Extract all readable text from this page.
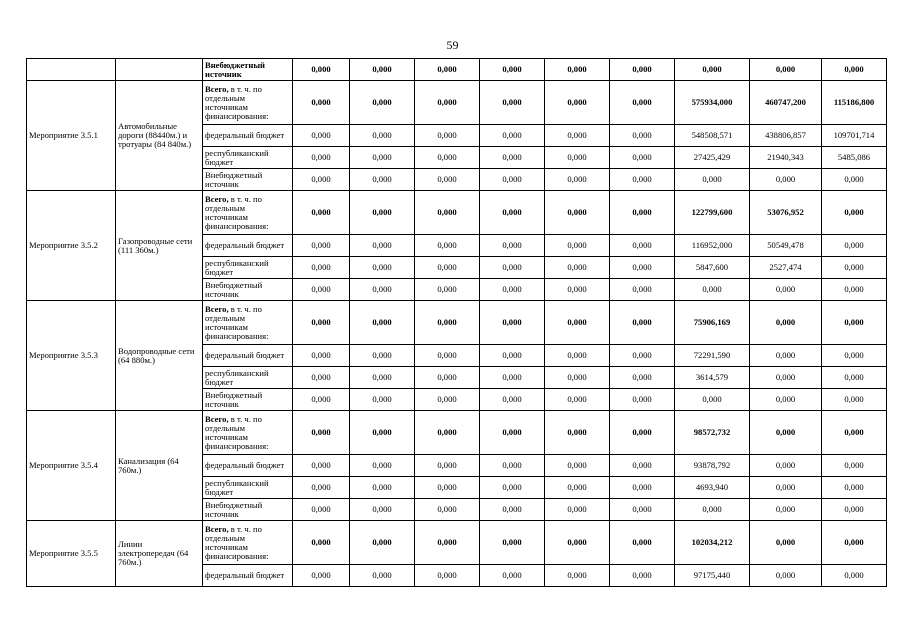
59
		Внебюджетный источник	0,000	0,000	0,000	0,000	0,000	0,000	0,000	0,000	0,000
Мероприятие 3.5.1	Автомобильные дороги (88440м.) и тротуары (84 840м.)	Всего, в т. ч. по отдельным источникам финансирования:	0,000	0,000	0,000	0,000	0,000	0,000	575934,000	460747,200	115186,800
		федеральный бюджет	0,000	0,000	0,000	0,000	0,000	0,000	548508,571	438806,857	109701,714
		республиканский бюджет	0,000	0,000	0,000	0,000	0,000	0,000	27425,429	21940,343	5485,086
		Внебюджетный источник	0,000	0,000	0,000	0,000	0,000	0,000	0,000	0,000	0,000
Мероприятие 3.5.2	Газопроводные сети (111 360м.)	Всего, в т. ч. по отдельным источникам финансирования:	0,000	0,000	0,000	0,000	0,000	0,000	122799,600	53076,952	0,000
		федеральный бюджет	0,000	0,000	0,000	0,000	0,000	0,000	116952,000	50549,478	0,000
		республиканский бюджет	0,000	0,000	0,000	0,000	0,000	0,000	5847,600	2527,474	0,000
		Внебюджетный источник	0,000	0,000	0,000	0,000	0,000	0,000	0,000	0,000	0,000
Мероприятие 3.5.3	Водопроводные сети (64 880м.)	Всего, в т. ч. по отдельным источникам финансирования:	0,000	0,000	0,000	0,000	0,000	0,000	75906,169	0,000	0,000
		федеральный бюджет	0,000	0,000	0,000	0,000	0,000	0,000	72291,590	0,000	0,000
		республиканский бюджет	0,000	0,000	0,000	0,000	0,000	0,000	3614,579	0,000	0,000
		Внебюджетный источник	0,000	0,000	0,000	0,000	0,000	0,000	0,000	0,000	0,000
Мероприятие 3.5.4	Канализация (64 760м.)	Всего, в т. ч. по отдельным источникам финансирования:	0,000	0,000	0,000	0,000	0,000	0,000	98572,732	0,000	0,000
		федеральный бюджет	0,000	0,000	0,000	0,000	0,000	0,000	93878,792	0,000	0,000
		республиканский бюджет	0,000	0,000	0,000	0,000	0,000	0,000	4693,940	0,000	0,000
		Внебюджетный источник	0,000	0,000	0,000	0,000	0,000	0,000	0,000	0,000	0,000
Мероприятие 3.5.5	Линии электропередач (64 760м.)	Всего, в т. ч. по отдельным источникам финансирования:	0,000	0,000	0,000	0,000	0,000	0,000	102034,212	0,000	0,000
		федеральный бюджет	0,000	0,000	0,000	0,000	0,000	0,000	97175,440	0,000	0,000
